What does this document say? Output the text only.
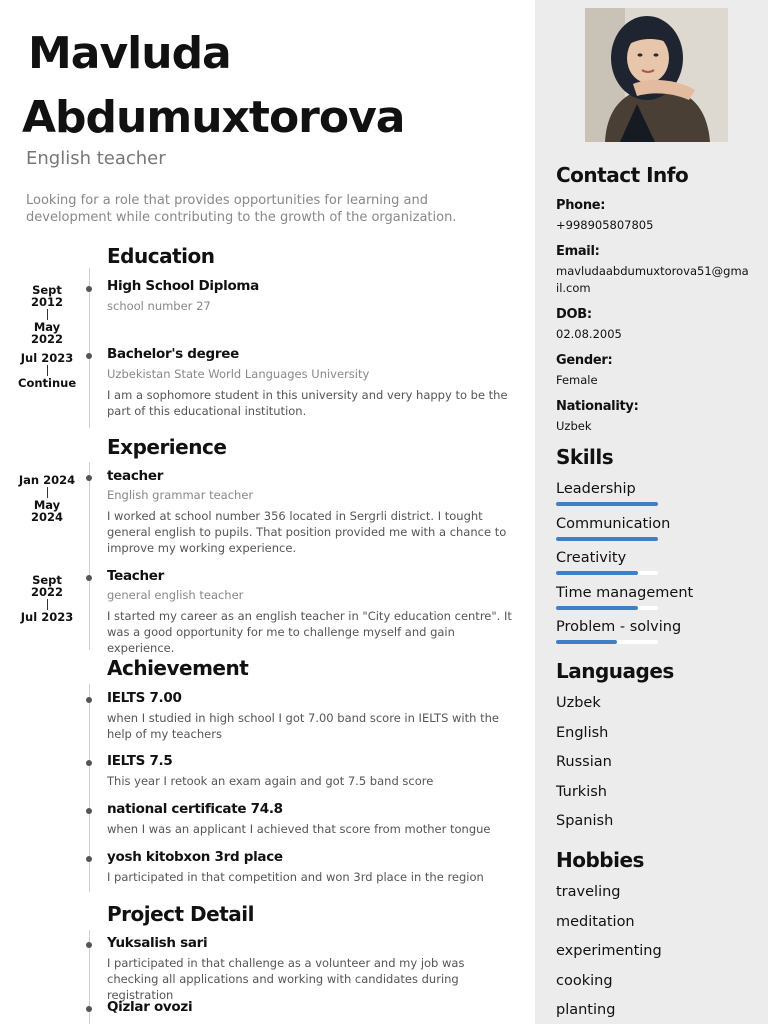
Mavluda
Abdumuxtorova
English teacher
Looking for a role that provides opportunities for learning and development while contributing to the growth of the organization.
Education
Sept 2012
May 2022
High School Diploma
school number 27
Jul 2023
Continue
Bachelor's degree
Uzbekistan State World Languages University
I am a sophomore student in this university and very happy to be the part of this educational institution.
Experience
Jan 2024
May 2024
teacher
English grammar teacher
I worked at school number 356 located in Sergrli district. I tought general english to pupils. That position provided me with a chance to improve my working experience.
Sept 2022
Jul 2023
Teacher
general english teacher
I started my career as an english teacher in "City education centre". It was a good opportunity for me to challenge myself and gain experience.
Achievement
IELTS 7.00
when I studied in high school I got 7.00 band score in IELTS with the help of my teachers
IELTS 7.5
This year I retook an exam again and got 7.5 band score
national certificate 74.8
when I was an applicant I achieved that score from mother tongue
yosh kitobxon 3rd place
I participated in that competition and won 3rd place in the region
Project Detail
Yuksalish sari
I participated in that challenge as a volunteer and my job was checking all applications and working with candidates during registration
Qizlar ovozi
Contact Info
Phone:
+998905807805
Email:
mavludaabdumuxtorova51@gmail.com
DOB:
02.08.2005
Gender:
Female
Nationality:
Uzbek
Skills
Leadership
Communication
Creativity
Time management
Problem - solving
Languages
Uzbek
English
Russian
Turkish
Spanish
Hobbies
traveling
meditation
experimenting
cooking
planting
